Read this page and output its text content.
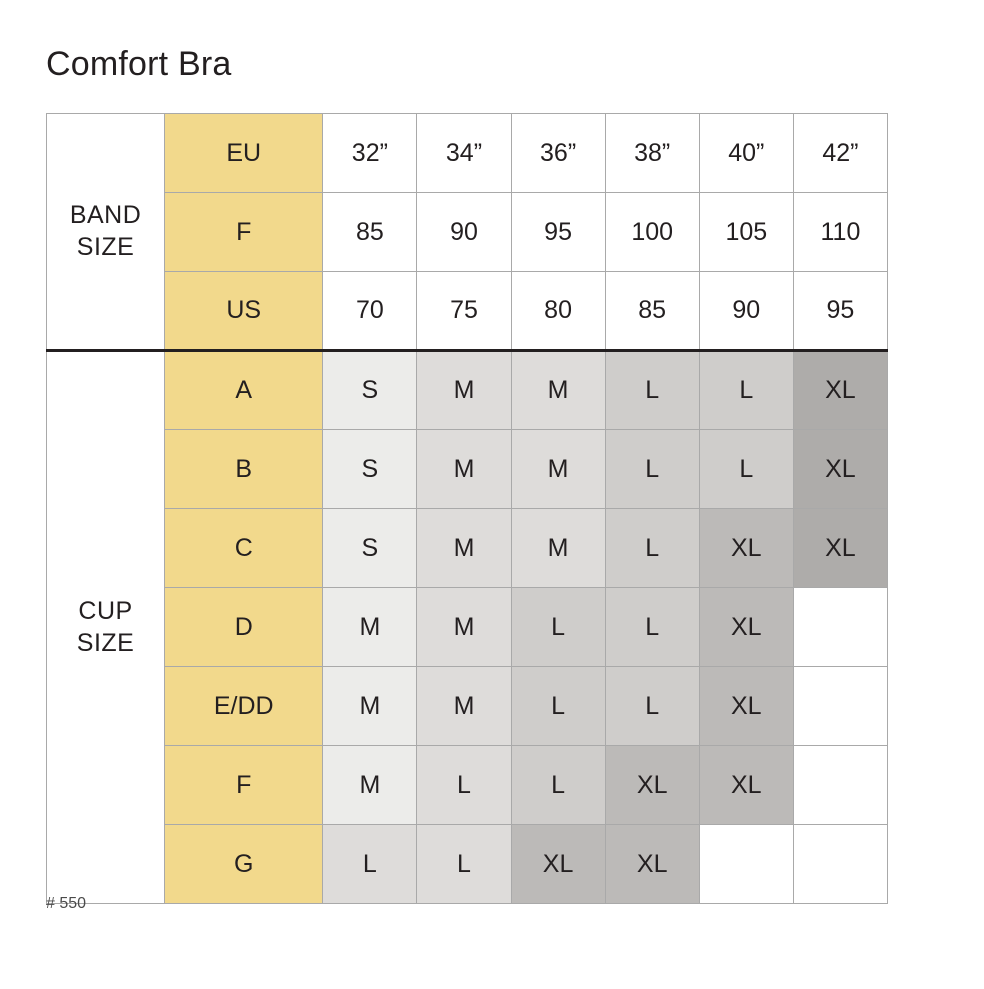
Comfort Bra
BAND
SIZE	EU	32”	34”	36”	38”	40”	42”
	F	85	90	95	100	105	110
	US	70	75	80	85	90	95
CUP
SIZE	A	S	M	M	L	L	XL
	B	S	M	M	L	L	XL
	C	S	M	M	L	XL	XL
	D	M	M	L	L	XL	
	E/DD	M	M	L	L	XL	
	F	M	L	L	XL	XL	
	G	L	L	XL	XL		
# 550
